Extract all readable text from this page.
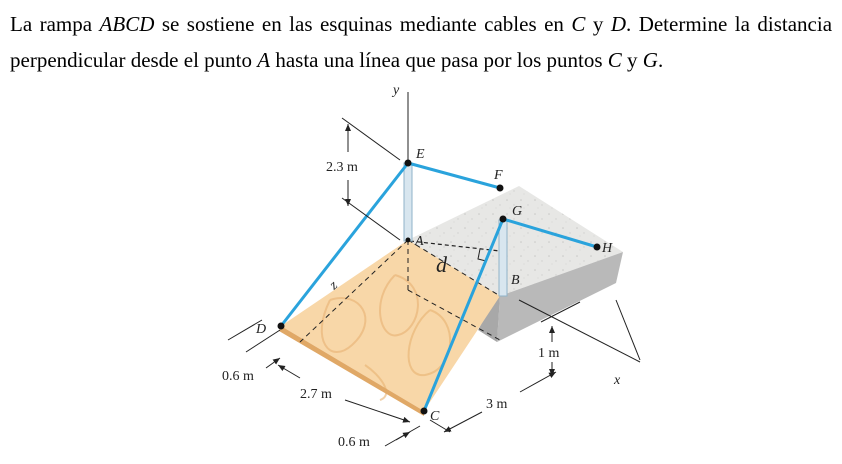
La rampa ABCD se sostiene en las esquinas mediante cables en C y D. Determine la distancia perpendicular desde el punto A hasta una línea que pasa por los puntos C y G.
y
E
F
G
H
A
B
D
C
z
x
d
2.3 m
0.6 m
2.7 m
0.6 m
3 m
1 m
